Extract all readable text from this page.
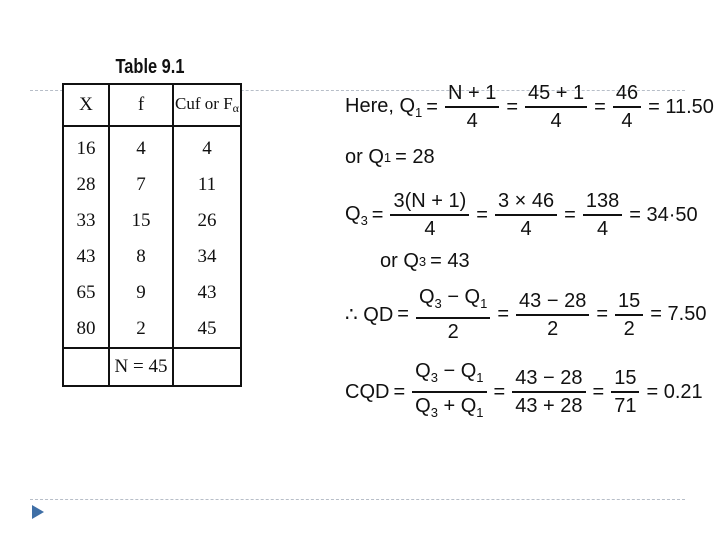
Table 9.1
X	f	Cuf or $F_\alpha$
16	4	4
28	7	11
33	15	26
43	8	34
65	9	43
80	2	45
	N = 45	
Here, $Q_1 = \frac{N + 1}{4} = \frac{45 + 1}{4} = \frac{46}{4} = 11.50$
or Q 1 = 28
$Q_3 = \frac{3(N + 1)}{4} = \frac{3 \times 46}{4} = \frac{138}{4} = 34\cdot 50$
or Q 3 = 43
∴ QD = $\frac{Q_3 - Q_1}{2} = \frac{43 - 28}{2} = \frac{15}{2} = 7.50$
CQD = $\frac{Q_3 - Q_1}{Q_3 + Q_1} = \frac{43 - 28}{43 + 28} = \frac{15}{71} = 0.21$
